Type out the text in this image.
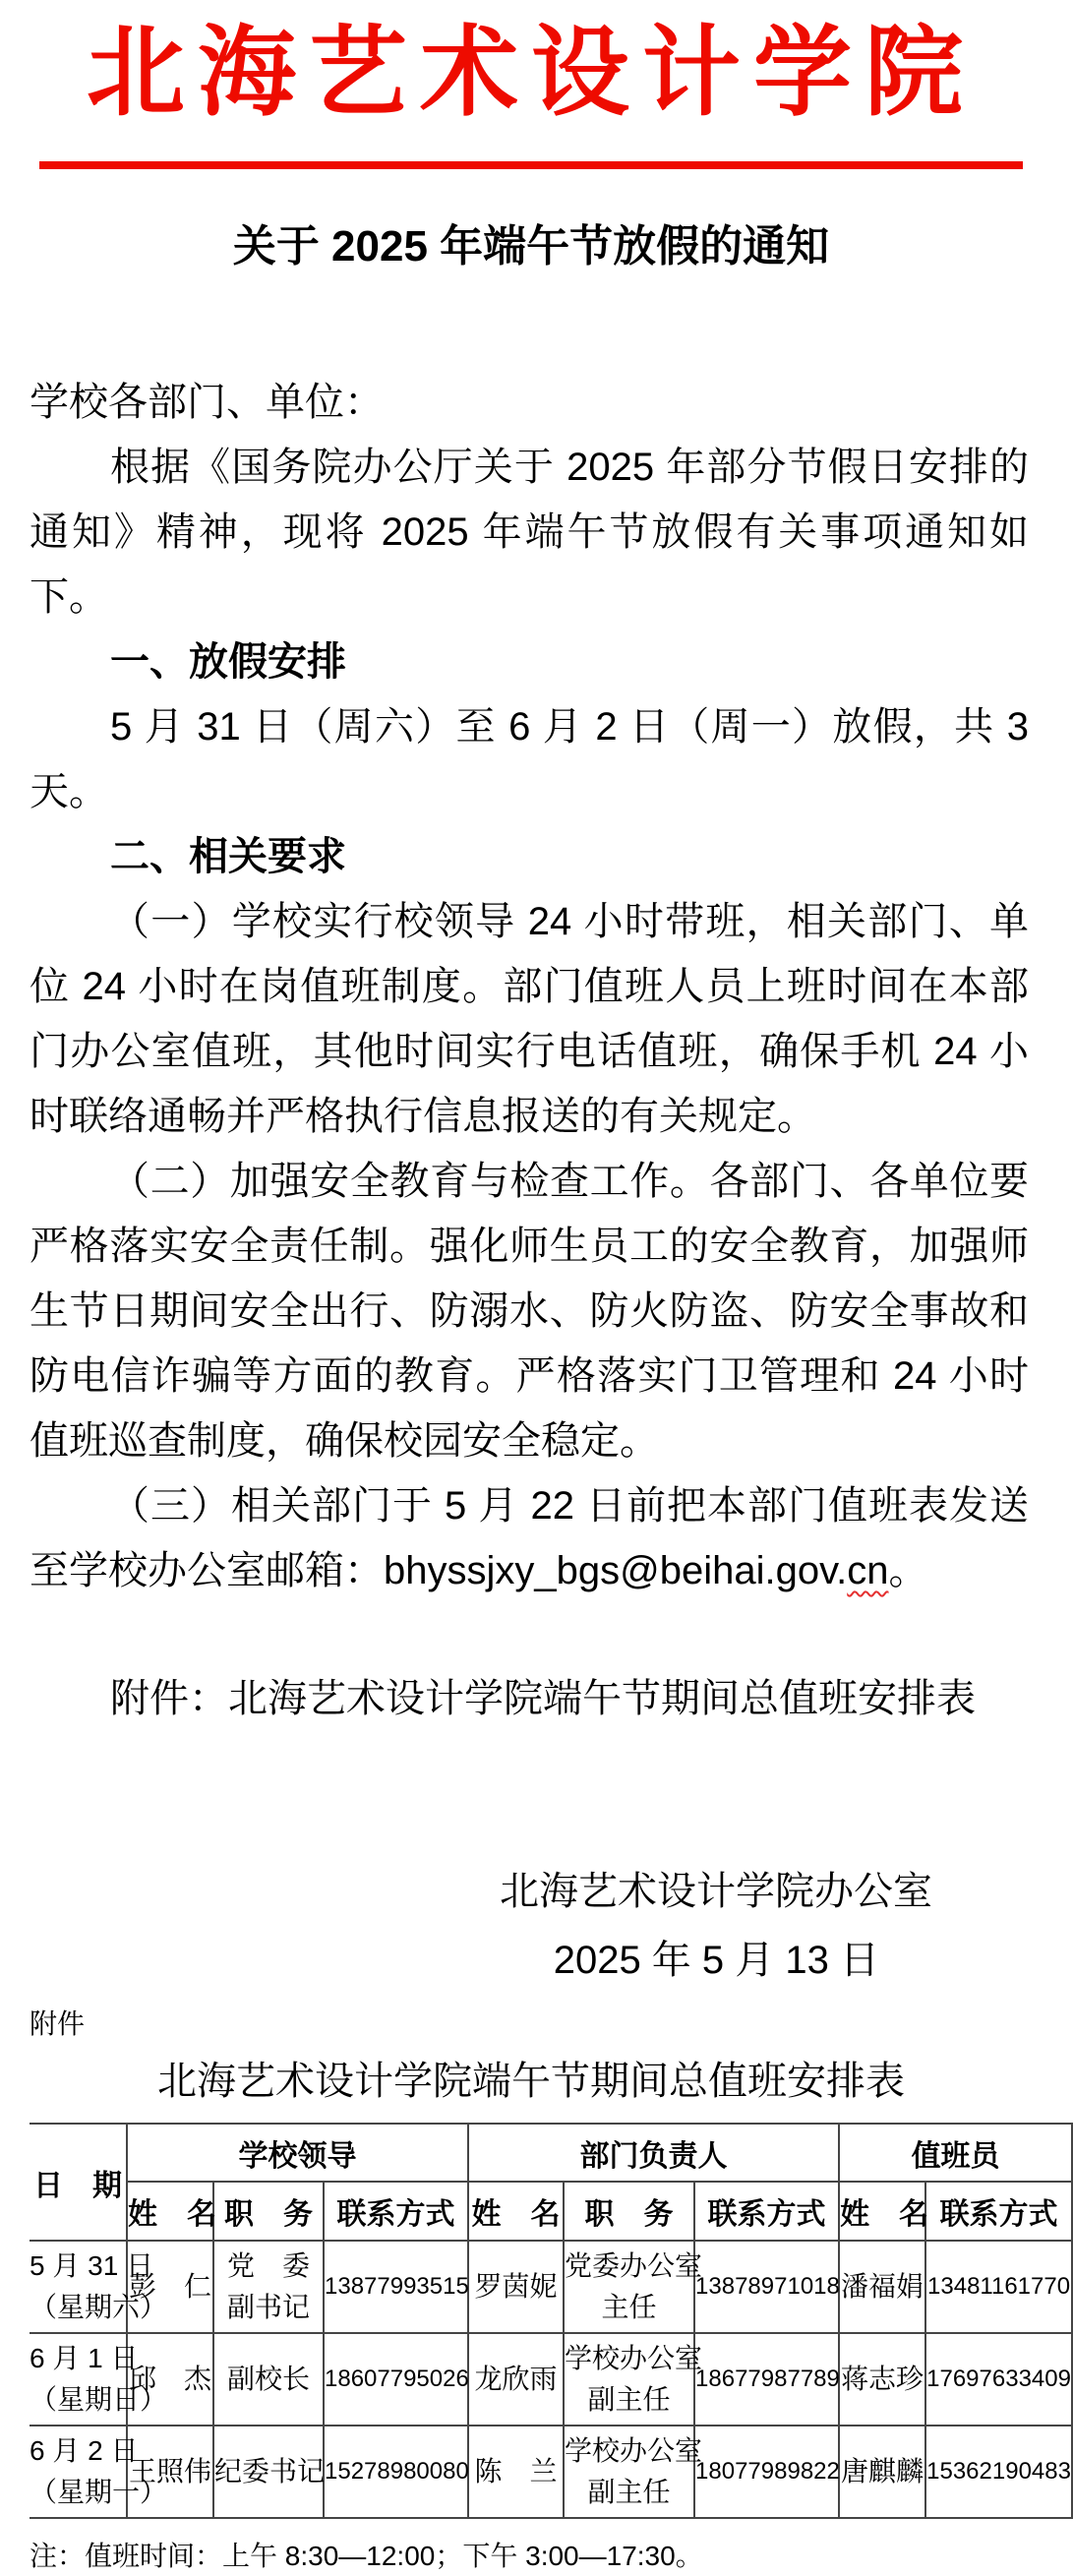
北海艺术设计学院
关于 2025 年端午节放假的通知

学校各部门、单位：

根据《国务院办公厅关于 2025 年部分节假日安排的通知》精神，现将 2025 年端午节放假有关事项通知如下。

一、放假安排

5 月 31 日（周六）至 6 月 2 日（周一）放假，共 3 天。

二、相关要求

（一）学校实行校领导 24 小时带班，相关部门、单位 24 小时在岗值班制度。部门值班人员上班时间在本部门办公室值班，其他时间实行电话值班，确保手机 24 小时联络通畅并严格执行信息报送的有关规定。

（二）加强安全教育与检查工作。各部门、各单位要严格落实安全责任制。强化师生员工的安全教育，加强师生节日期间安全出行、防溺水、防火防盗、防安全事故和防电信诈骗等方面的教育。严格落实门卫管理和 24 小时值班巡查制度，确保校园安全稳定。

（三）相关部门于 5 月 22 日前把本部门值班表发送至学校办公室邮箱：bhyssjxy_bgs@beihai.gov.cn。

附件：北海艺术设计学院端午节期间总值班安排表

北海艺术设计学院办公室

2025 年 5 月 13 日

附件
北海艺术设计学院端午节期间总值班安排表
日　期	学校领导			部门负责人			值班员	
	姓　名	职　务	联系方式	姓　名	职　务	联系方式	姓　名	联系方式
5 月 31 日
（星期六）	彭　仁	党　委
副书记	13877993515	罗茵妮	党委办公室
主任	13878971018	潘福娟	13481161770
6 月 1 日
（星期日）	邱　杰	副校长	18607795026	龙欣雨	学校办公室
副主任	18677987789	蒋志珍	17697633409
6 月 2 日
（星期一）	王照伟	纪委书记	15278980080	陈　兰	学校办公室
副主任	18077989822	唐麒麟	15362190483
注：值班时间：上午 8:30—12:00；下午 3:00—17:30。
